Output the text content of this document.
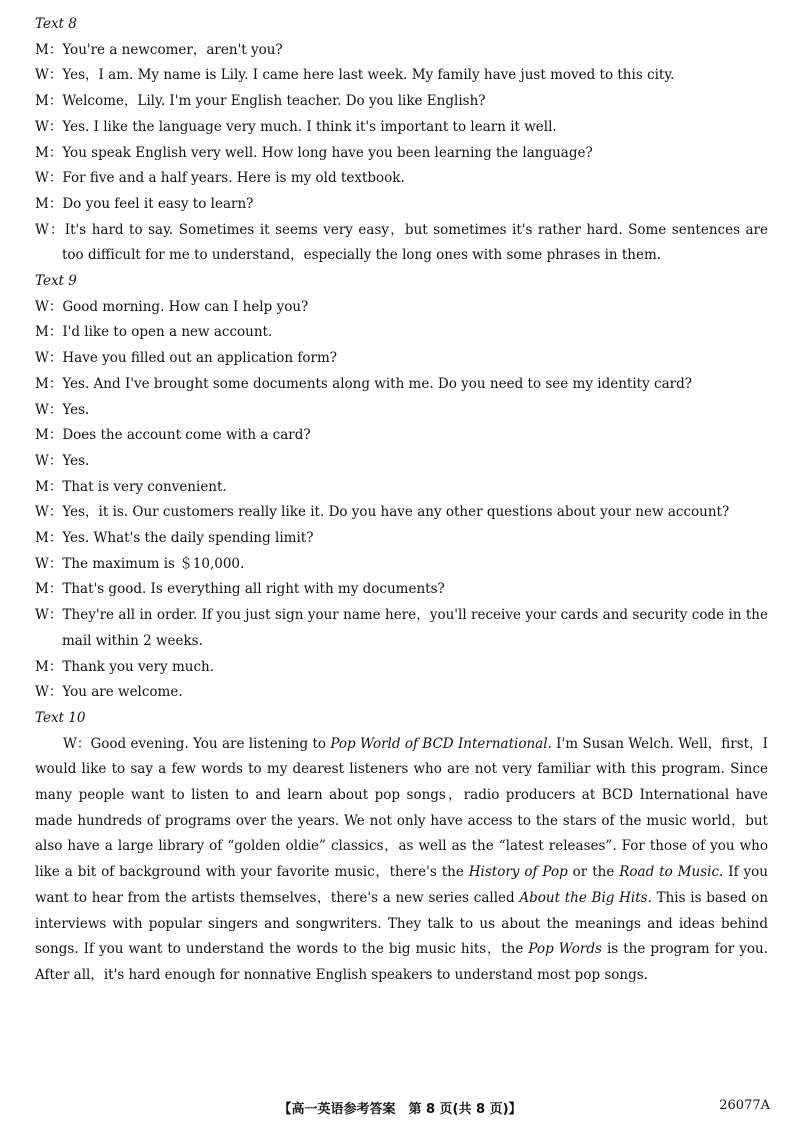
Text 8
M：You're a newcomer，aren't you?
W：Yes，I am. My name is Lily. I came here last week. My family have just moved to this city.
M：Welcome，Lily. I'm your English teacher. Do you like English?
W：Yes. I like the language very much. I think it's important to learn it well.
M：You speak English very well. How long have you been learning the language?
W：For five and a half years. Here is my old textbook.
M：Do you feel it easy to learn?
W：It's hard to say. Sometimes it seems very easy，but sometimes it's rather hard. Some sentences are too difficult for me to understand，especially the long ones with some phrases in them.
Text 9
W：Good morning. How can I help you?
M：I'd like to open a new account.
W：Have you filled out an application form?
M：Yes. And I've brought some documents along with me. Do you need to see my identity card?
W：Yes.
M：Does the account come with a card?
W：Yes.
M：That is very convenient.
W：Yes，it is. Our customers really like it. Do you have any other questions about your new account?
M：Yes. What's the daily spending limit?
W：The maximum is ＄10,000.
M：That's good. Is everything all right with my documents?
W：They're all in order. If you just sign your name here，you'll receive your cards and security code in the mail within 2 weeks.
M：Thank you very much.
W：You are welcome.
Text 10
W：Good evening. You are listening to Pop World of BCD International. I'm Susan Welch. Well，first，I would like to say a few words to my dearest listeners who are not very familiar with this program. Since many people want to listen to and learn about pop songs，radio producers at BCD International have made hundreds of programs over the years. We not only have access to the stars of the music world，but also have a large library of “golden oldie” classics，as well as the “latest releases”. For those of you who like a bit of background with your favorite music，there's the History of Pop or the Road to Music. If you want to hear from the artists themselves，there's a new series called About the Big Hits. This is based on interviews with popular singers and songwriters. They talk to us about the meanings and ideas behind songs. If you want to understand the words to the big music hits，the Pop Words is the program for you. After all，it's hard enough for nonnative English speakers to understand most pop songs.
【高一英语参考答案　第 8 页(共 8 页)】	26077A
